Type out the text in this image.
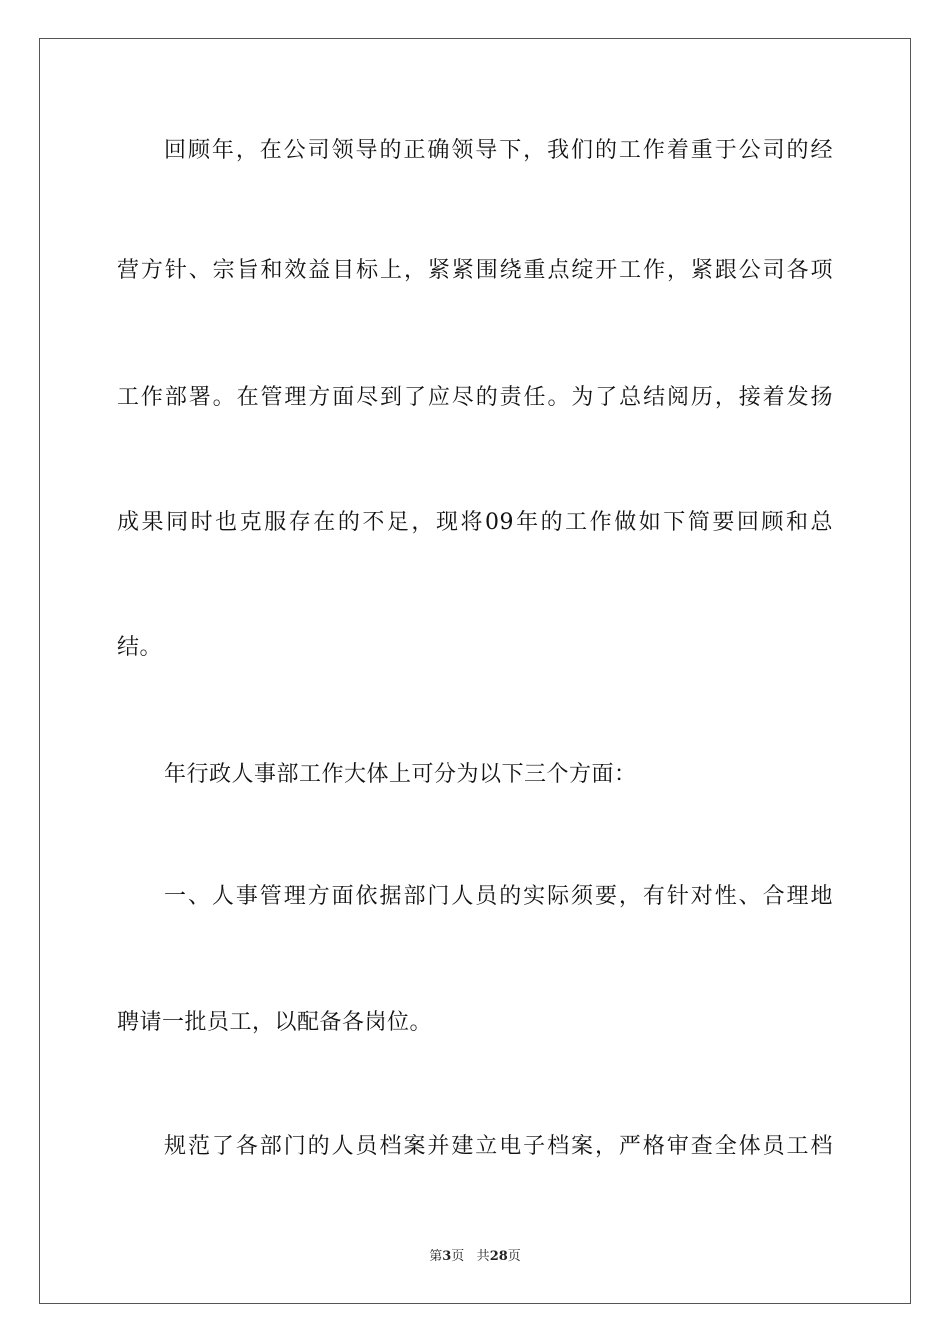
回顾年，在公司领导的正确领导下，我们的工作着重于公司的经
营方针、宗旨和效益目标上，紧紧围绕重点绽开工作，紧跟公司各项
工作部署。在管理方面尽到了应尽的责任。为了总结阅历，接着发扬
成果同时也克服存在的不足，现将09年的工作做如下简要回顾和总
结。
年行政人事部工作大体上可分为以下三个方面：
一、人事管理方面依据部门人员的实际须要，有针对性、合理地
聘请一批员工，以配备各岗位。
规范了各部门的人员档案并建立电子档案，严格审查全体员工档
第3页 共28页
